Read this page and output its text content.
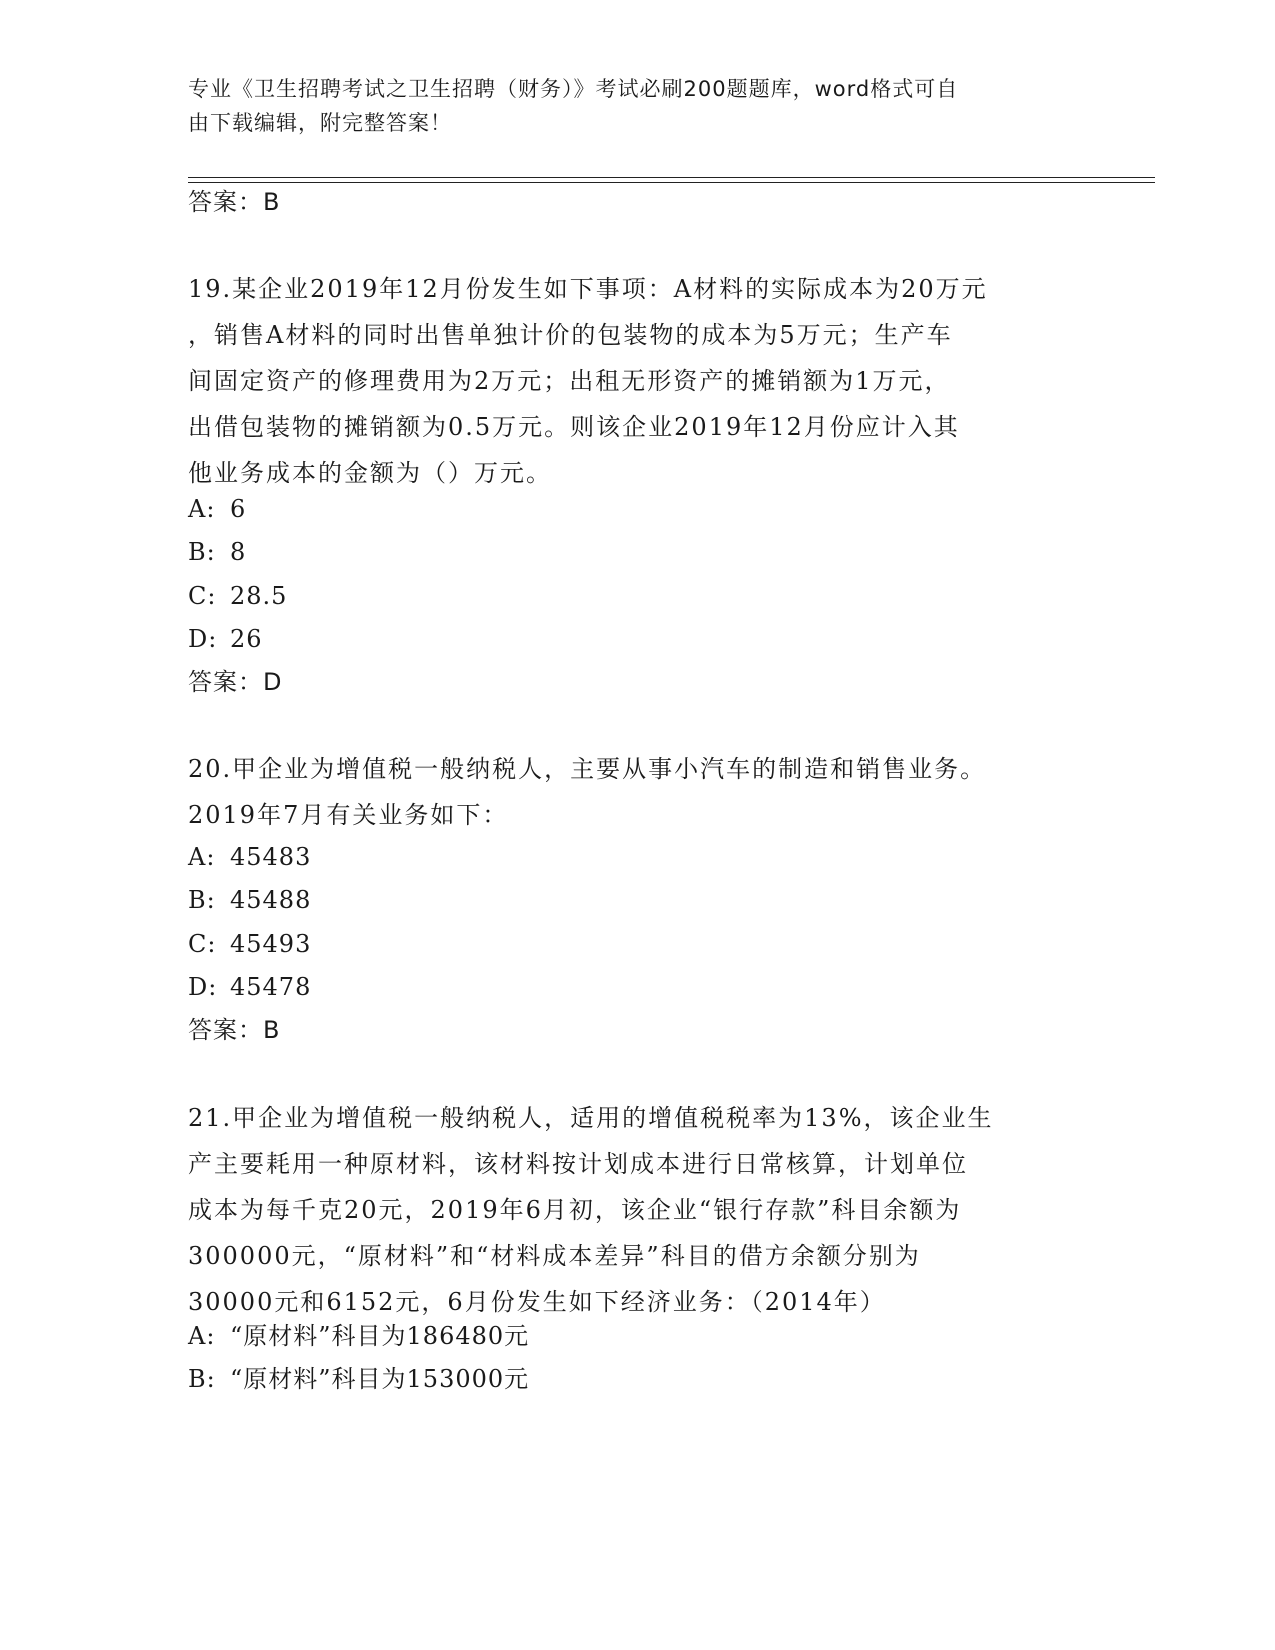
专业《卫生招聘考试之卫生招聘（财务）》考试必刷200题题库，word格式可自
由下载编辑，附完整答案！
答案：B
19.某企业2019年12月份发生如下事项：A材料的实际成本为20万元
，销售A材料的同时出售单独计价的包装物的成本为5万元；生产车
间固定资产的修理费用为2万元；出租无形资产的摊销额为1万元，
出借包装物的摊销额为0.5万元。则该企业2019年12月份应计入其
他业务成本的金额为（）万元。
A: 6
B: 8
C: 28.5
D: 26
答案：D
20.甲企业为增值税一般纳税人，主要从事小汽车的制造和销售业务。
2019年7月有关业务如下：
A: 45483
B: 45488
C: 45493
D: 45478
答案：B
21.甲企业为增值税一般纳税人，适用的增值税税率为13%，该企业生
产主要耗用一种原材料，该材料按计划成本进行日常核算，计划单位
成本为每千克20元，2019年6月初，该企业“银行存款”科目余额为
300000元，“原材料”和“材料成本差异”科目的借方余额分别为
30000元和6152元，6月份发生如下经济业务：（2014年）
A: “原材料”科目为186480元
B: “原材料”科目为153000元
